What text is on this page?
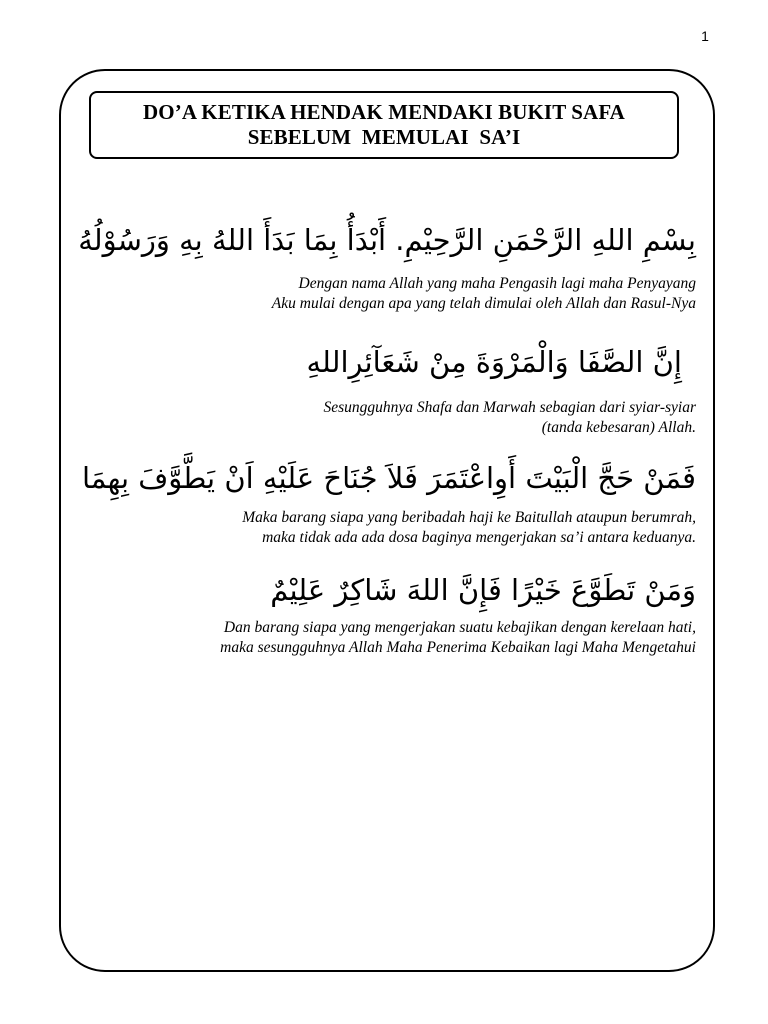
1
DO’A KETIKA HENDAK MENDAKI BUKIT SAFA
SEBELUM  MEMULAI  SA’I
بِسْمِ اللهِ الرَّحْمَنِ الرَّحِيْمِ. أَبْدَأُ بِمَا بَدَأَ اللهُ بِهِ وَرَسُوْلُهُ
Dengan nama Allah yang maha Pengasih lagi maha Penyayang
Aku mulai dengan apa yang telah dimulai oleh Allah dan Rasul-Nya
إِنَّ الصَّفَا وَالْمَرْوَةَ مِنْ شَعَآئِرِاللهِ
Sesungguhnya Shafa dan Marwah sebagian dari syiar-syiar
(tanda kebesaran) Allah.
فَمَنْ حَجَّ الْبَيْتَ أَوِاعْتَمَرَ فَلاَ جُنَاحَ عَلَيْهِ اَنْ يَطَّوَّفَ بِهِمَا
Maka barang siapa yang beribadah haji ke Baitullah ataupun berumrah,
maka tidak ada ada dosa baginya mengerjakan sa’i antara keduanya.
وَمَنْ تَطَوَّعَ خَيْرًا فَإِنَّ اللهَ شَاكِرٌ عَلِيْمٌ
Dan barang siapa yang mengerjakan suatu kebajikan dengan kerelaan hati,
maka sesungguhnya Allah Maha Penerima Kebaikan lagi Maha Mengetahui
